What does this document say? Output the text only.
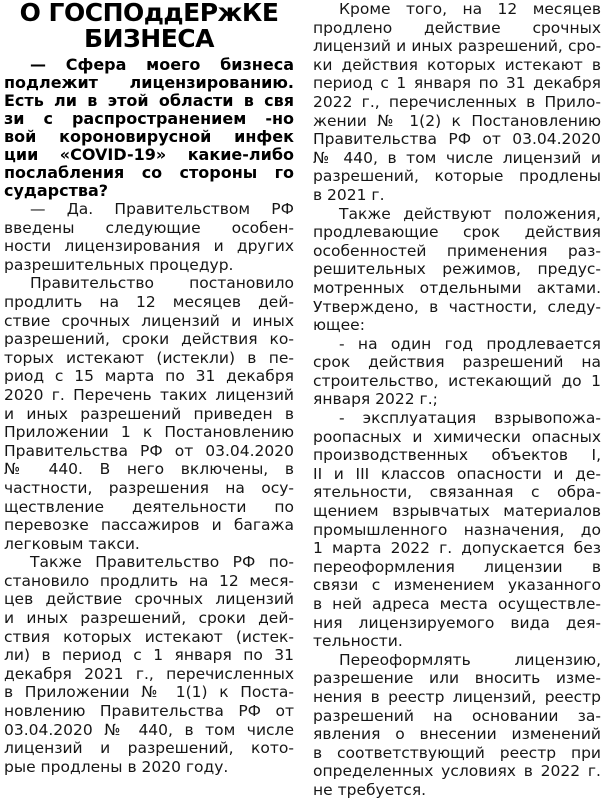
О ГОСПОддЕРжКЕ
БИЗНЕСА
— Сфера моего бизнеса
подлежит лицензированию.
Есть ли в этой области в свя
зи с распространением -но
вой короновирусной инфек
ции «COVID-19» какие-либо
послабления со стороны го
сударства?
— Да. Правительством РФ
введены следующие особен-
ности лицензирования и других
разрешительных процедур.
Правительство постановило
продлить на 12 месяцев дей-
ствие срочных лицензий и иных
разрешений, сроки действия ко-
торых истекают (истекли) в пе-
риод с 15 марта по 31 декабря
2020 г. Перечень таких лицензий
и иных разрешений приведен в
Приложении 1 к Постановлению
Правительства РФ от 03.04.2020
№ 440. В него включены, в
частности, разрешения на осу-
ществление деятельности по
перевозке пассажиров и багажа
легковым такси.
Также Правительство РФ по-
становило продлить на 12 меся-
цев действие срочных лицензий
и иных разрешений, сроки дей-
ствия которых истекают (истек-
ли) в период с 1 января по 31
декабря 2021 г., перечисленных
в Приложении № 1(1) к Поста-
новлению Правительства РФ от
03.04.2020 № 440, в том числе
лицензий и разрешений, кото-
рые продлены в 2020 году.
Кроме того, на 12 месяцев
продлено действие срочных
лицензий и иных разрешений, сро-
ки действия которых истекают в
период с 1 января по 31 декабря
2022 г., перечисленных в Прило-
жении № 1(2) к Постановлению
Правительства РФ от 03.04.2020
№ 440, в том числе лицензий и
разрешений, которые продлены
в 2021 г.
Также действуют положения,
продлевающие срок действия
особенностей применения раз-
решительных режимов, предус-
мотренных отдельными актами.
Утверждено, в частности, следу-
ющее:
- на один год продлевается
срок действия разрешений на
строительство, истекающий до 1
января 2022 г.;
- эксплуатация взрывопожа-
роопасных и химически опасных
производственных объектов I,
II и III классов опасности и де-
ятельности, связанная с обра-
щением взрывчатых материалов
промышленного назначения, до
1 марта 2022 г. допускается без
переоформления лицензии в
связи с изменением указанного
в ней адреса места осуществле-
ния лицензируемого вида дея-
тельности.
Переоформлять лицензию,
разрешение или вносить изме-
нения в реестр лицензий, реестр
разрешений на основании за-
явления о внесении изменений
в соответствующий реестр при
определенных условиях в 2022 г.
не требуется.
